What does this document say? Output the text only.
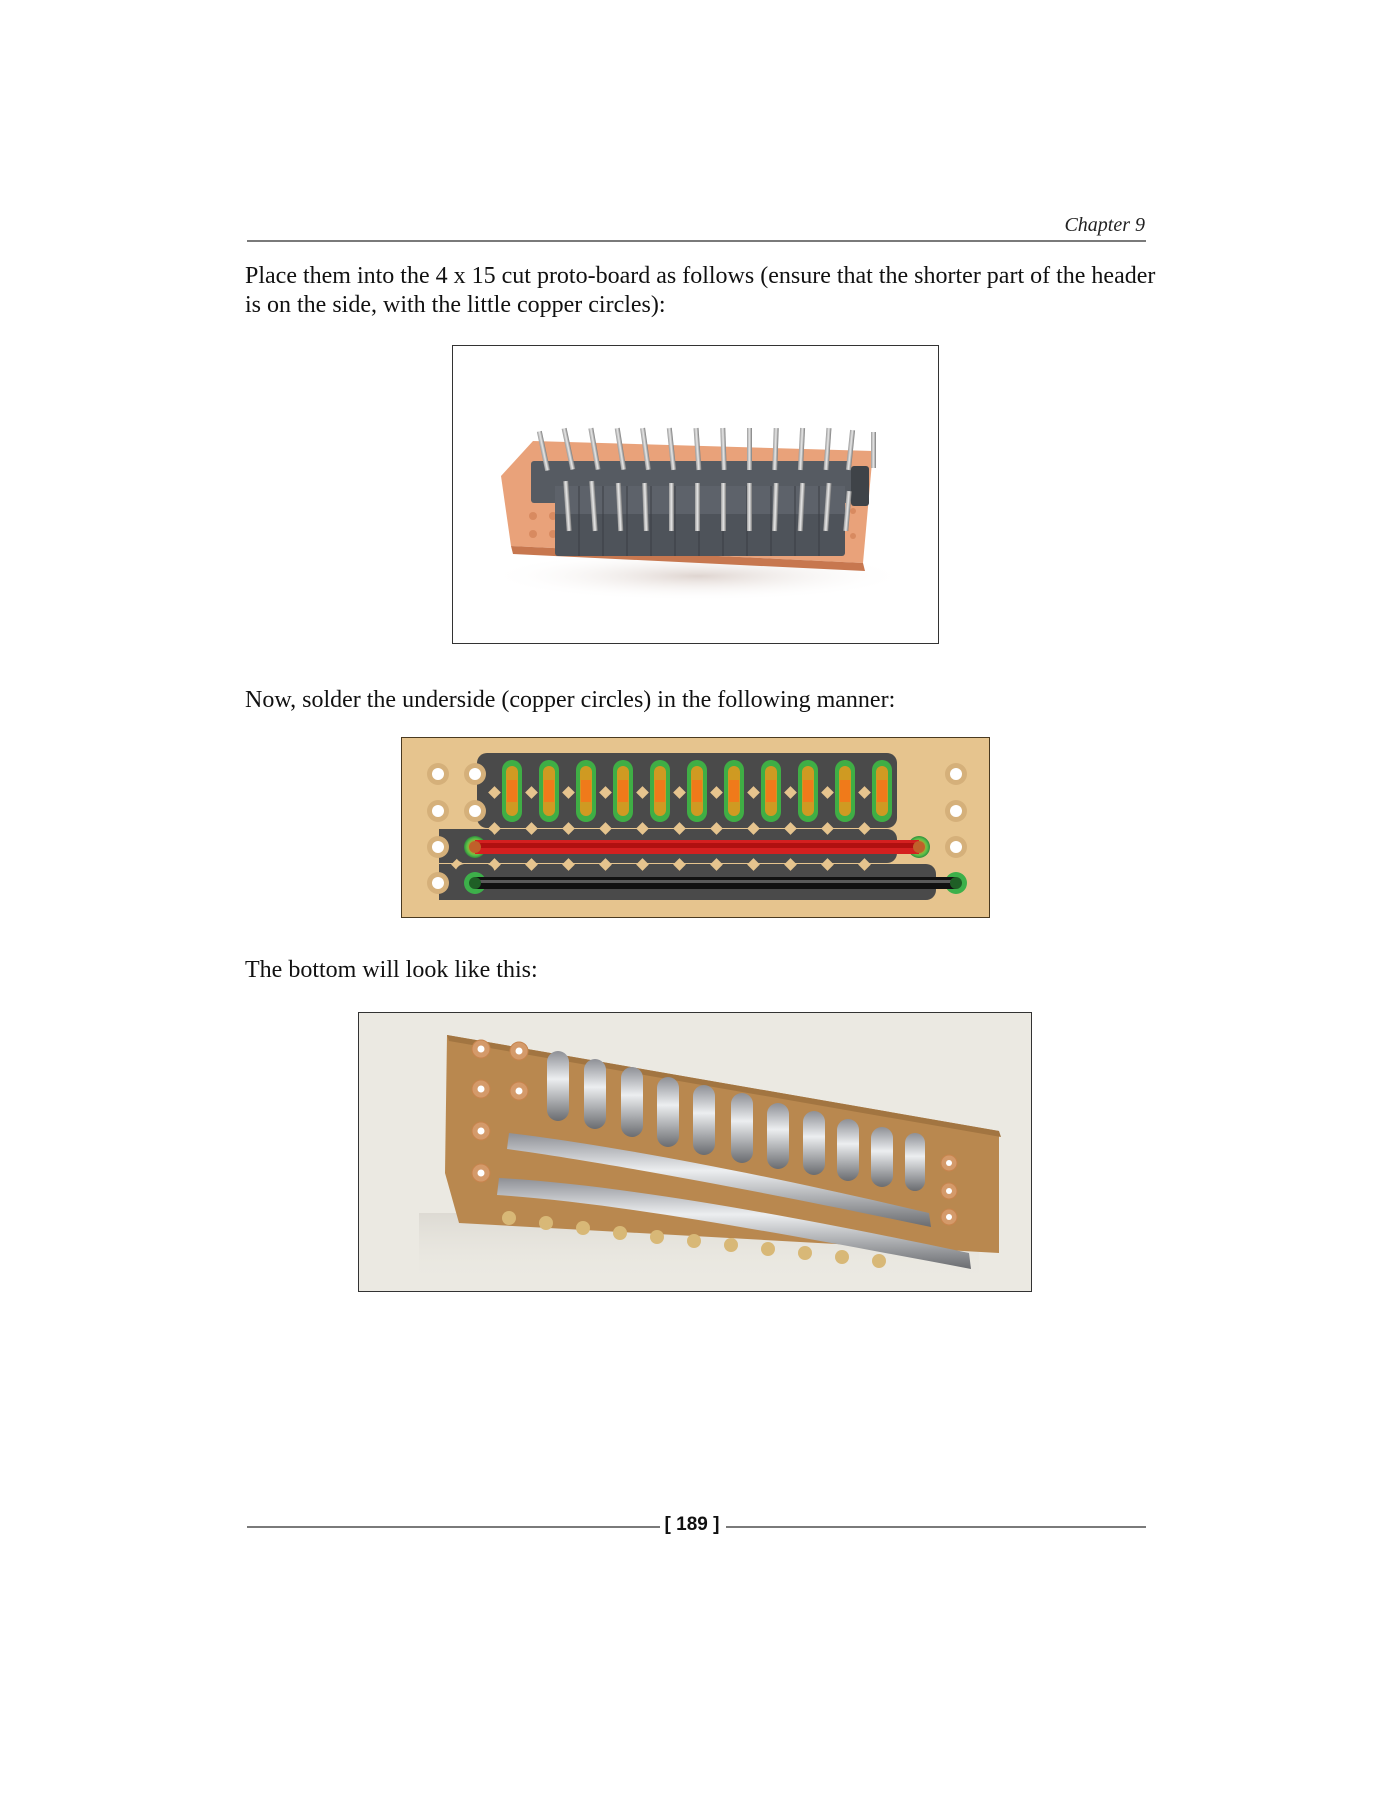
Chapter 9
Place them into the 4 x 15 cut proto-board as follows (ensure that the shorter part of the header is on the side, with the little copper circles):
Now, solder the underside (copper circles) in the following manner:
The bottom will look like this:
[ 189 ]
